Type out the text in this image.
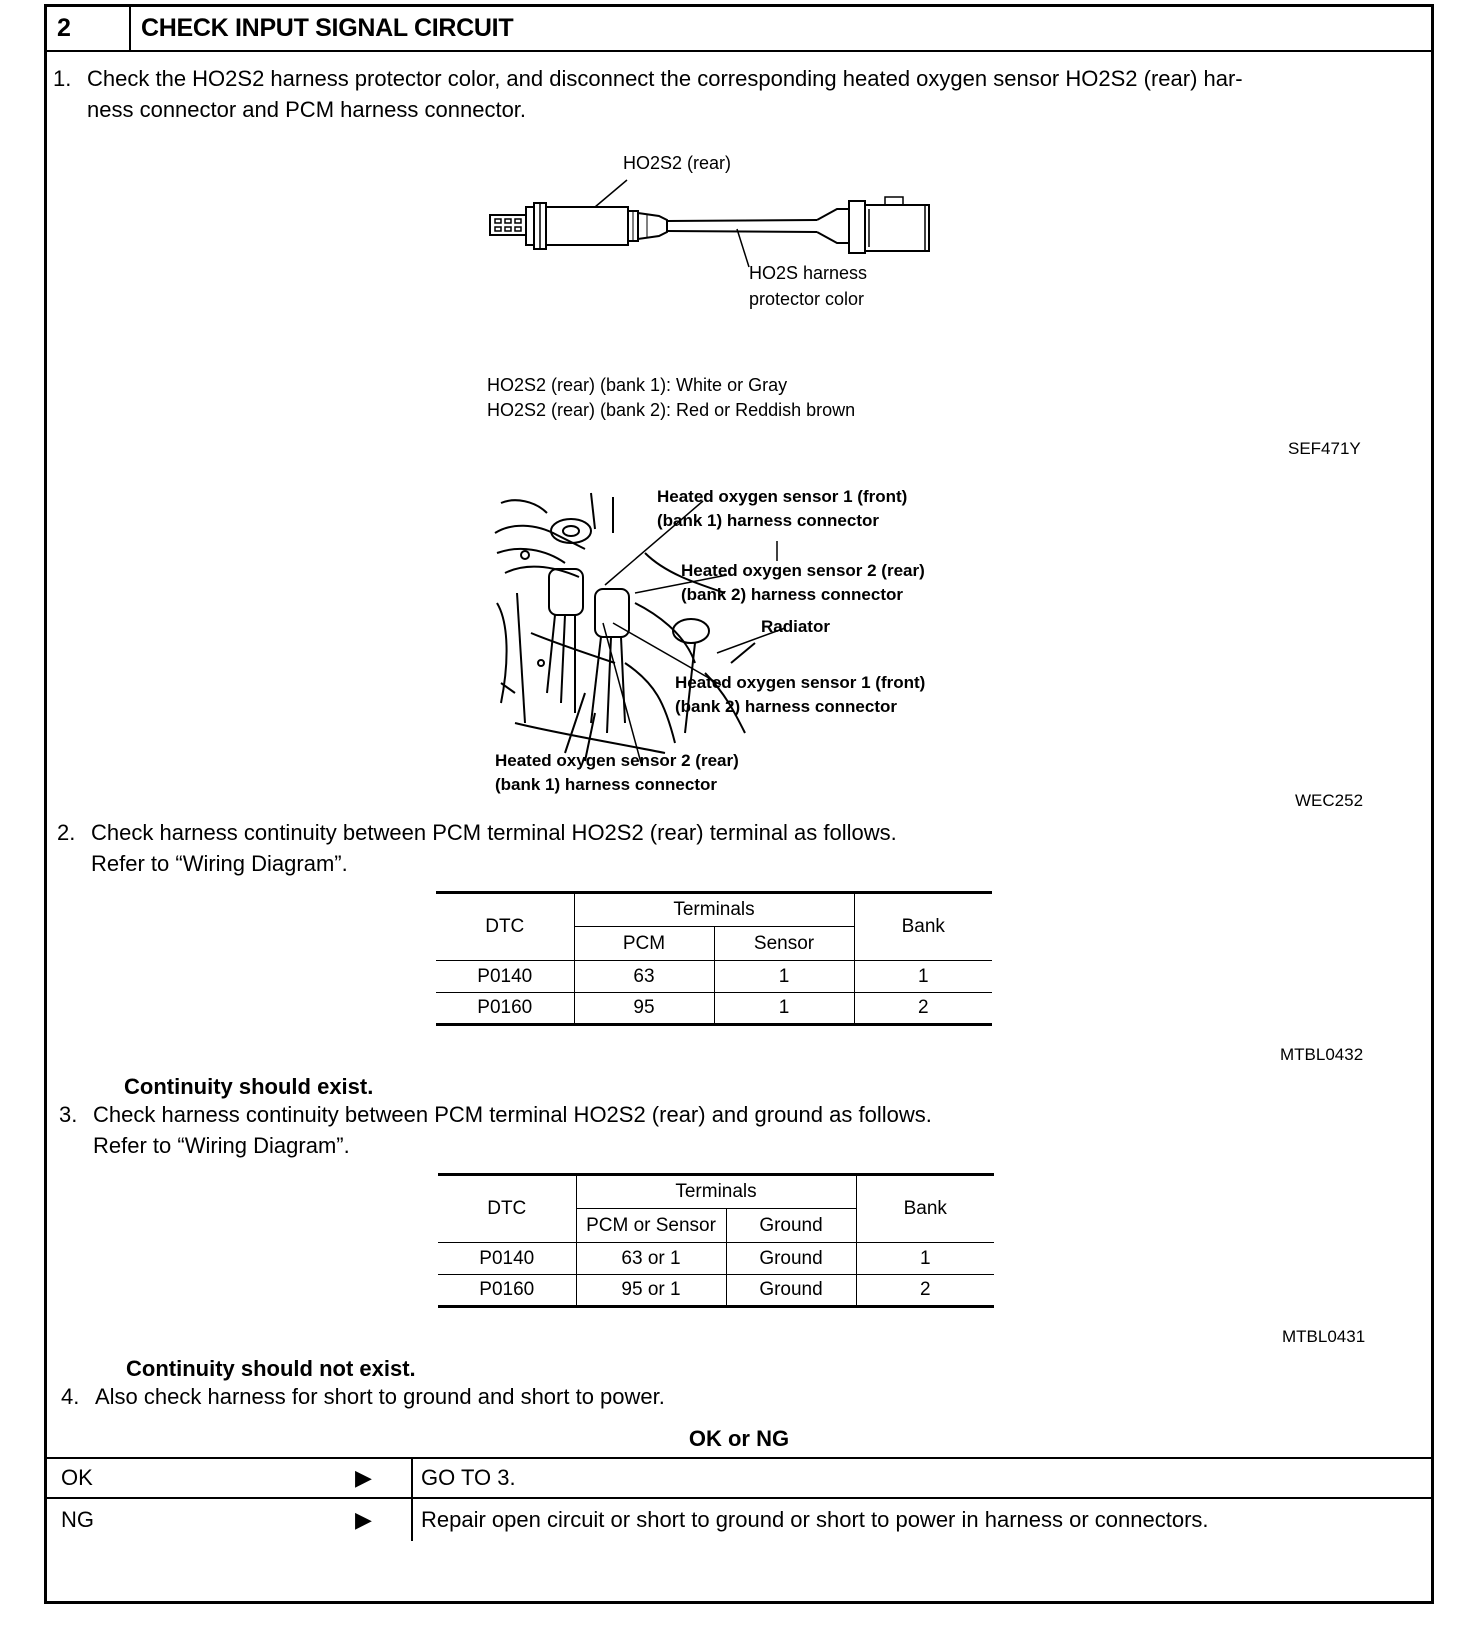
2	CHECK INPUT SIGNAL CIRCUIT
1. Check the HO2S2 harness protector color, and disconnect the corresponding heated oxygen sensor HO2S2 (rear) har-
ness connector and PCM harness connector.
HO2S2 (rear)
HO2S harness
protector color
HO2S2 (rear) (bank 1): White or Gray
HO2S2 (rear) (bank 2): Red or Reddish brown
SEF471Y
Heated oxygen sensor 1 (front)
(bank 1) harness connector
Heated oxygen sensor 2 (rear)
(bank 2) harness connector
Radiator
Heated oxygen sensor 1 (front)
(bank 2) harness connector
Heated oxygen sensor 2 (rear)
(bank 1) harness connector
WEC252
2. Check harness continuity between PCM terminal HO2S2 (rear) terminal as follows.
Refer to “Wiring Diagram”.
DTC	Terminals		Bank
	PCM	Sensor	
P0140	63	1	1
P0160	95	1	2
MTBL0432
Continuity should exist.
3. Check harness continuity between PCM terminal HO2S2 (rear) and ground as follows.
Refer to “Wiring Diagram”.
DTC	Terminals		Bank
	PCM or Sensor	Ground	
P0140	63 or 1	Ground	1
P0160	95 or 1	Ground	2
MTBL0431
Continuity should not exist.
4. Also check harness for short to ground and short to power.
OK or NG
OK	▶ GO TO 3.
NG	▶ Repair open circuit or short to ground or short to power in harness or connectors.
